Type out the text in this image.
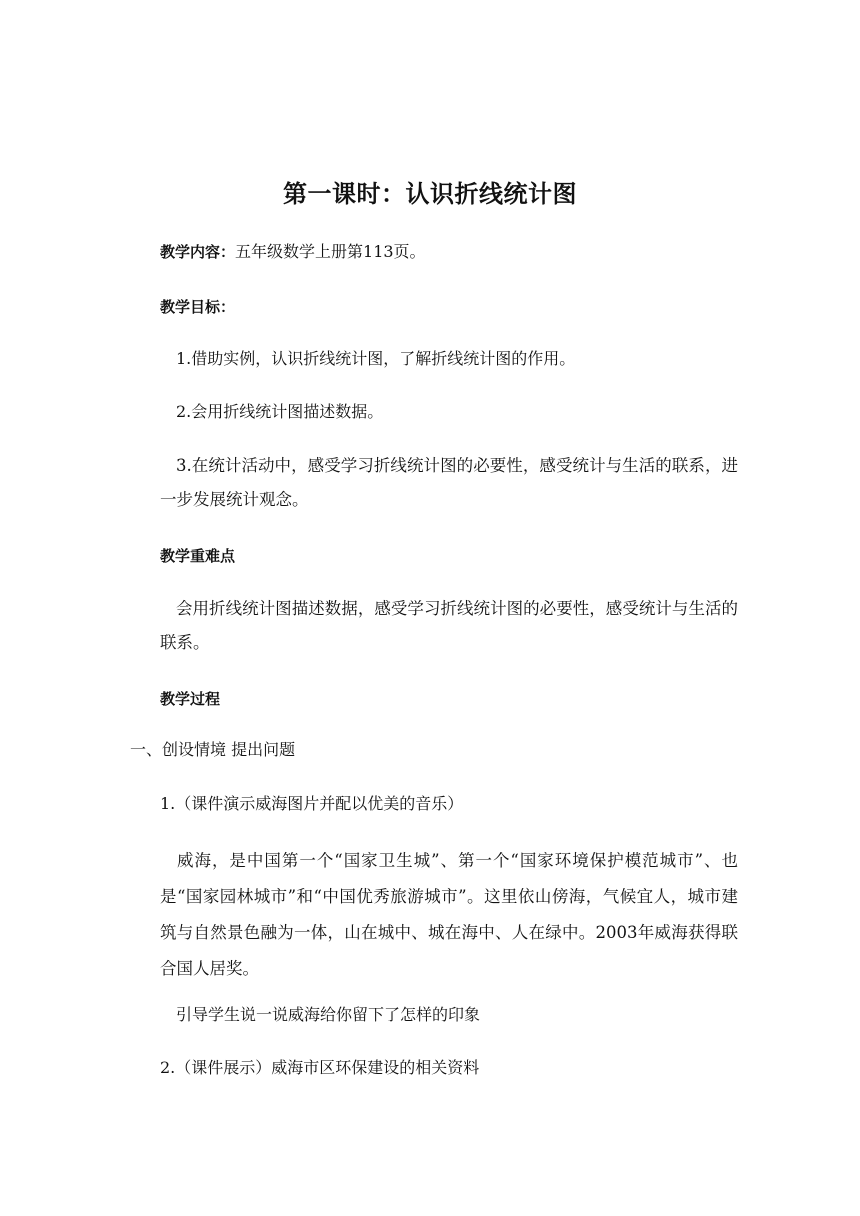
第一课时：认识折线统计图

教学内容：五年级数学上册第113页。

教学目标：

1.借助实例，认识折线统计图，了解折线统计图的作用。

2.会用折线统计图描述数据。

3.在统计活动中，感受学习折线统计图的必要性，感受统计与生活的联系，进一步发展统计观念。

教学重难点

会用折线统计图描述数据，感受学习折线统计图的必要性，感受统计与生活的联系。

教学过程

一、创设情境 提出问题

1.（课件演示威海图片并配以优美的音乐）

威海，是中国第一个“国家卫生城”、第一个“国家环境保护模范城市”、也是“国家园林城市”和“中国优秀旅游城市”。这里依山傍海，气候宜人，城市建筑与自然景色融为一体，山在城中、城在海中、人在绿中。2003年威海获得联合国人居奖。

引导学生说一说威海给你留下了怎样的印象

2.（课件展示）威海市区环保建设的相关资料
